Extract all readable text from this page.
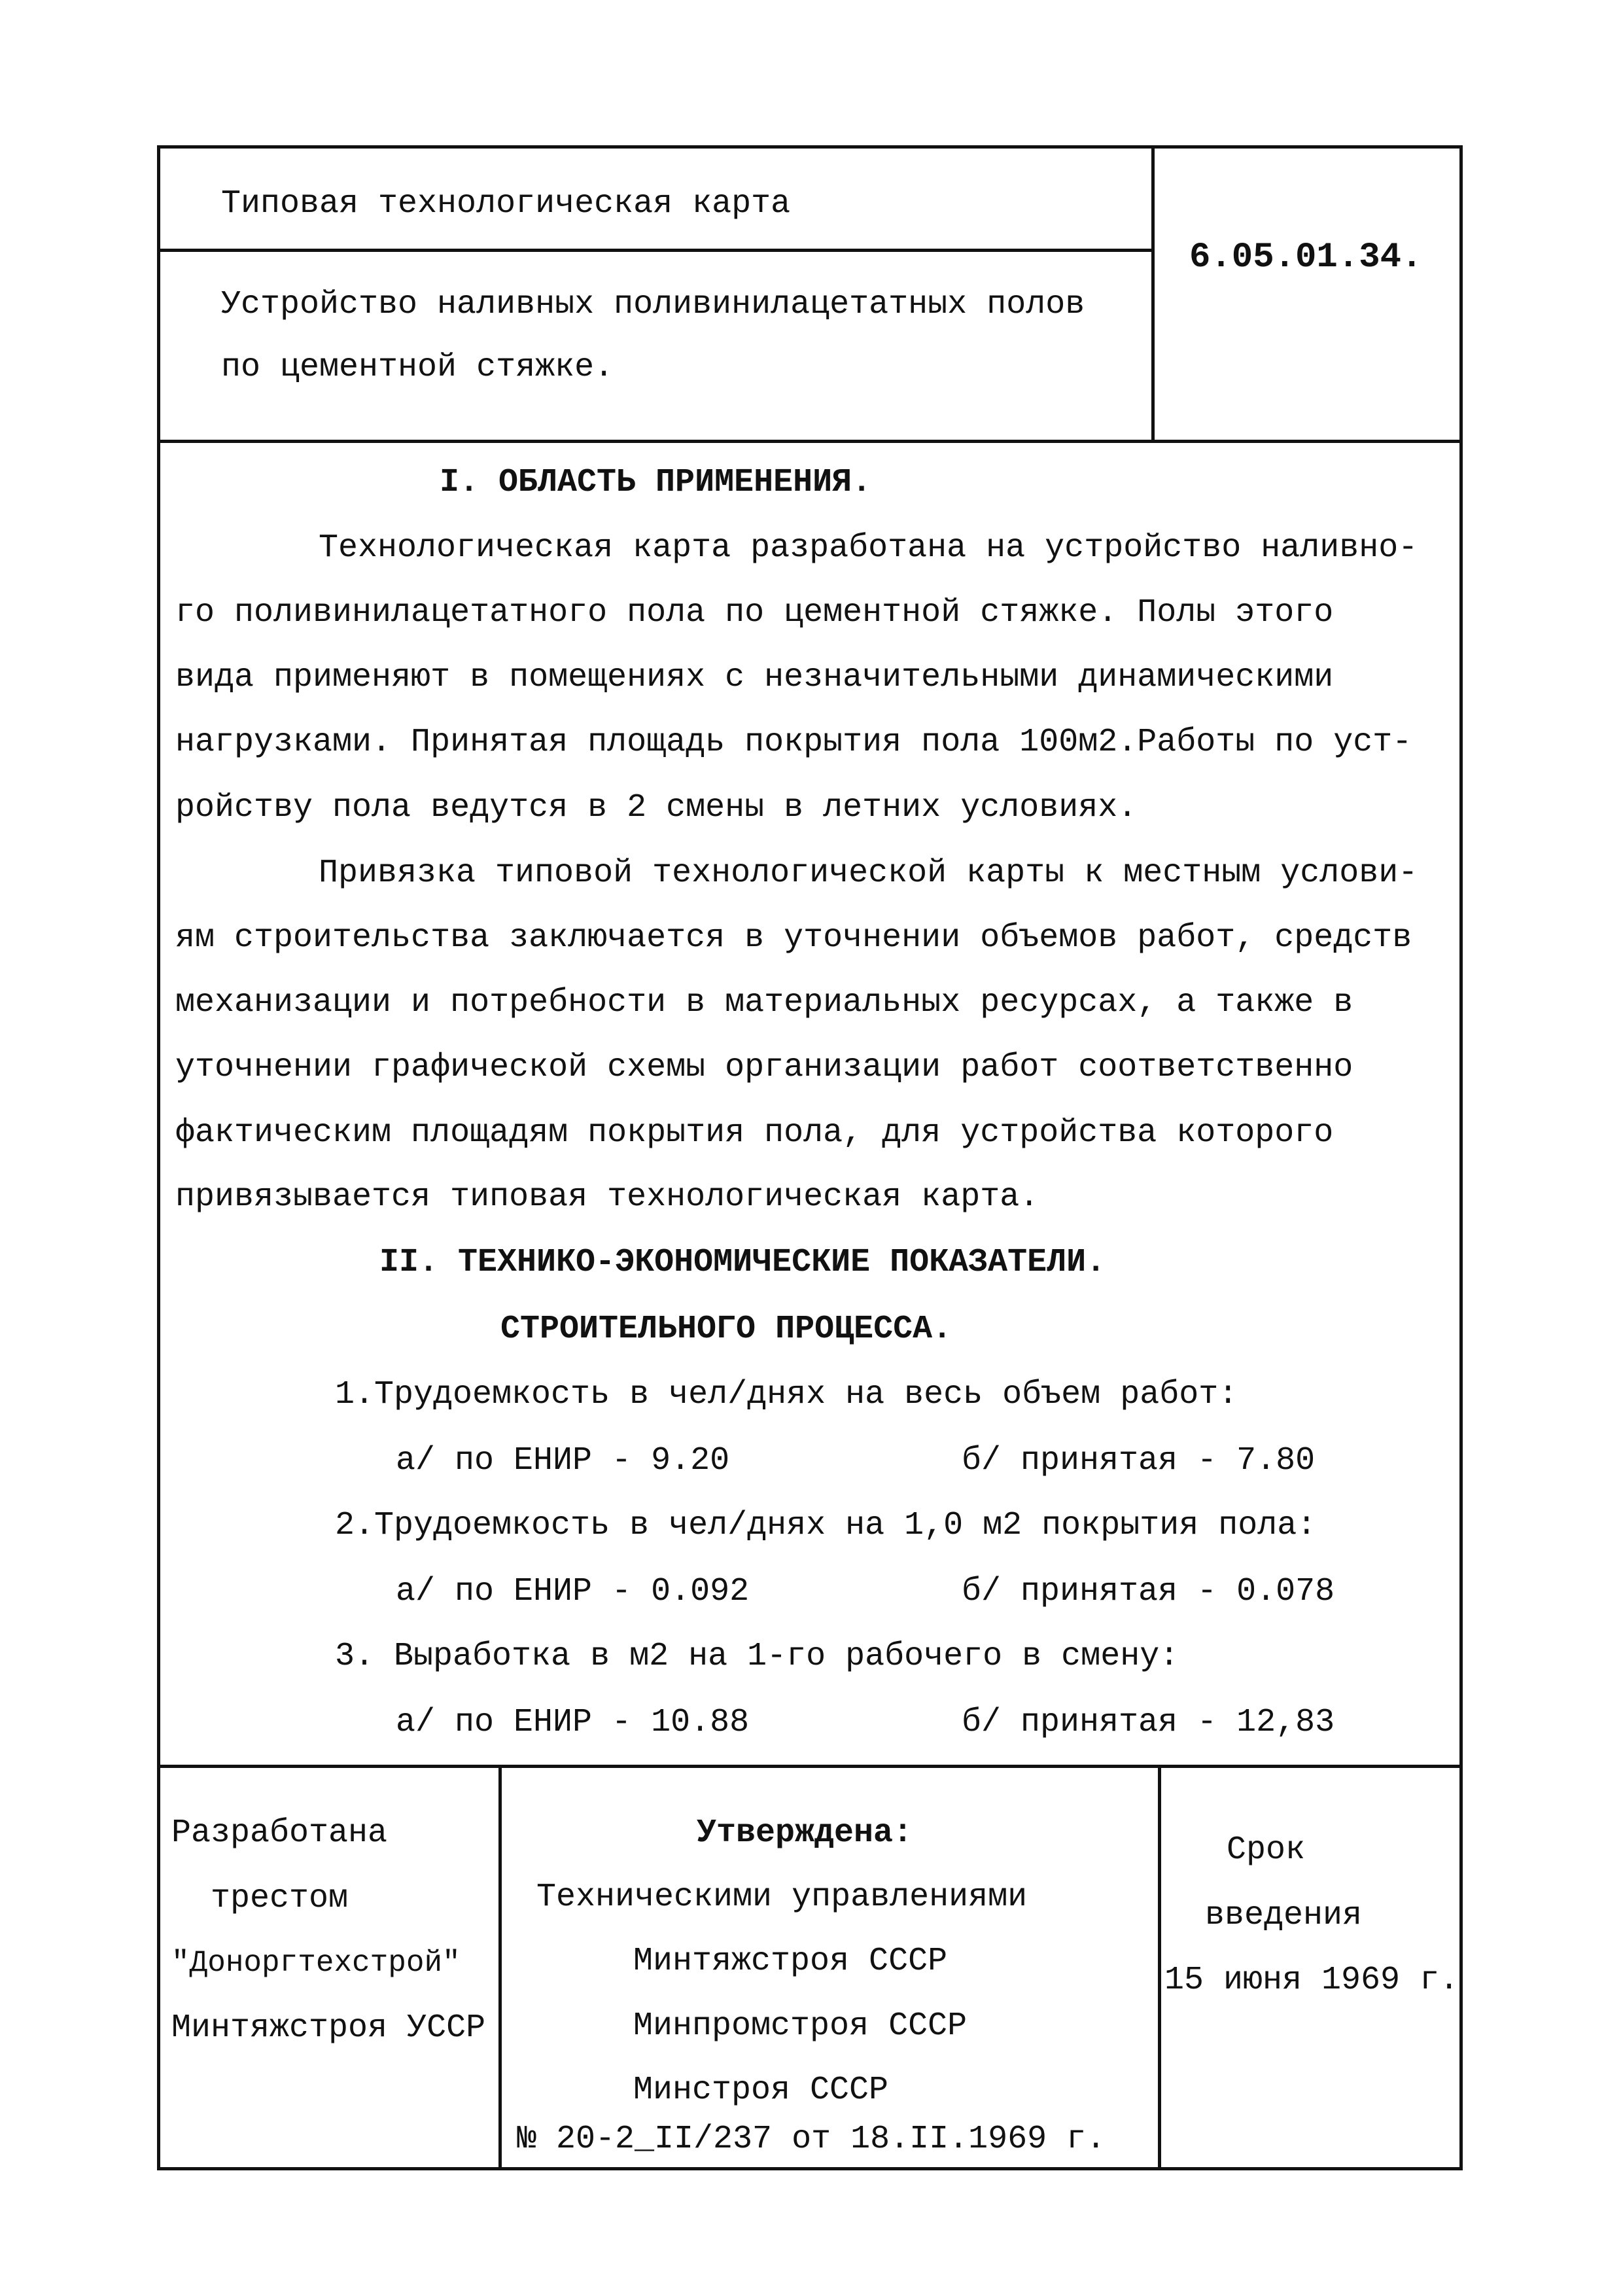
Типовая технологическая карта
Устройство наливных поливинилацетатных полов
по цементной стяжке.
6.05.01.34.
I. ОБЛАСТЬ ПРИМЕНЕНИЯ.
Технологическая карта разработана на устройство наливно-
го поливинилацетатного пола по цементной стяжке. Полы этого
вида применяют в помещениях с незначительными динамическими
нагрузками. Принятая площадь покрытия пола 100м2.Работы по уст-
ройству пола ведутся в 2 смены в летних условиях.
Привязка типовой технологической карты к местным услови-
ям строительства заключается в уточнении объемов работ, средств
механизации и потребности в материальных ресурсах, а также в
уточнении графической схемы организации работ соответственно
фактическим площадям покрытия пола, для устройства которого
привязывается типовая технологическая карта.
II. ТЕХНИКО-ЭКОНОМИЧЕСКИЕ ПОКАЗАТЕЛИ.
СТРОИТЕЛЬНОГО ПРОЦЕССА.
1.Трудоемкость в чел/днях на весь объем работ:
а/ по ЕНИР - 9.20	б/ принятая - 7.80
2.Трудоемкость в чел/днях на 1,0 м2 покрытия пола:
а/ по ЕНИР - 0.092	б/ принятая - 0.078
3. Выработка в м2 на 1-го рабочего в смену:
а/ по ЕНИР - 10.88	б/ принятая - 12,83
Разработана
трестом
"Доноргтехстрой"
Минтяжстроя УССР
Утверждена:
Техническими управлениями
Минтяжстроя СССР
Минпромстроя СССР
Минстроя СССР
№ 20-2_II/237 от 18.II.1969 г.
Срок
введения
15 июня 1969 г.
